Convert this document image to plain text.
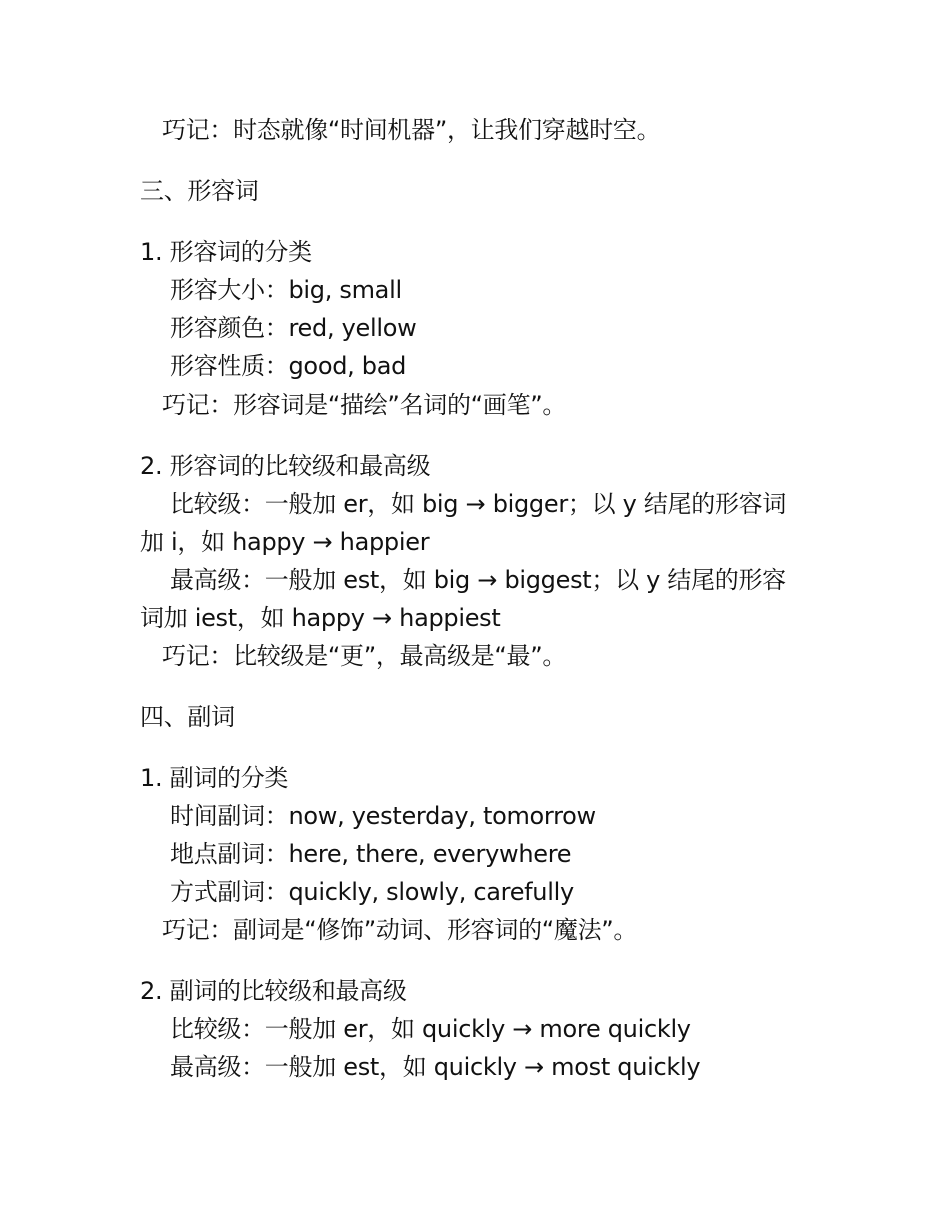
巧记：时态就像“时间机器”，让我们穿越时空。

三、形容词

1. 形容词的分类

形容大小：big, small

形容颜色：red, yellow

形容性质：good, bad

巧记：形容词是“描绘”名词的“画笔”。

2. 形容词的比较级和最高级

比较级：一般加 er，如 big → bigger；以 y 结尾的形容词

加 i，如 happy → happier

最高级：一般加 est，如 big → biggest；以 y 结尾的形容

词加 iest，如 happy → happiest

巧记：比较级是“更”，最高级是“最”。

四、副词

1. 副词的分类

时间副词：now, yesterday, tomorrow

地点副词：here, there, everywhere

方式副词：quickly, slowly, carefully

巧记：副词是“修饰”动词、形容词的“魔法”。

2. 副词的比较级和最高级

比较级：一般加 er，如 quickly → more quickly

最高级：一般加 est，如 quickly → most quickly
